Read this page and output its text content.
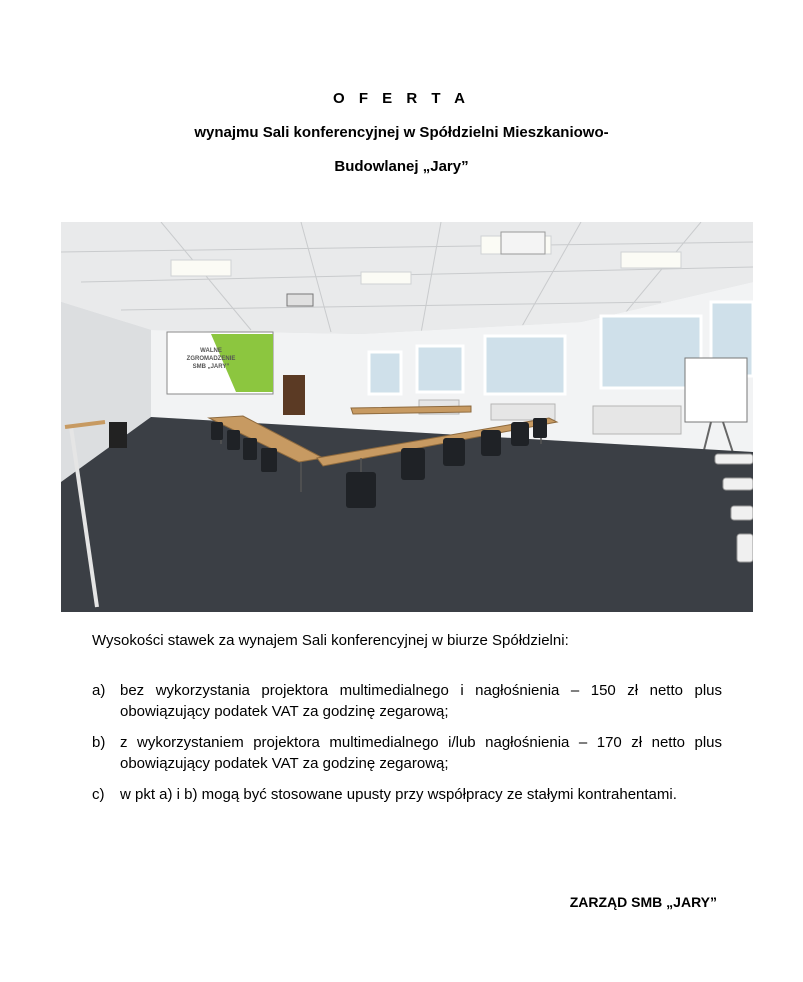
O F E R T A
wynajmu Sali konferencyjnej w Spółdzielni Mieszkaniowo-
Budowlanej „Jary”
WALNE
ZGROMADZENIE
SMB „JARY”
Wysokości stawek za wynajem Sali konferencyjnej w biurze Spółdzielni:
a) bez wykorzystania projektora multimedialnego i nagłośnienia – 150 zł netto plus obowiązujący podatek VAT za godzinę zegarową;
b) z wykorzystaniem projektora multimedialnego i/lub nagłośnienia – 170 zł netto plus obowiązujący podatek VAT za godzinę zegarową;
c)	w pkt a) i b) mogą być stosowane upusty przy współpracy ze stałymi kontrahentami.
ZARZĄD SMB „JARY”
